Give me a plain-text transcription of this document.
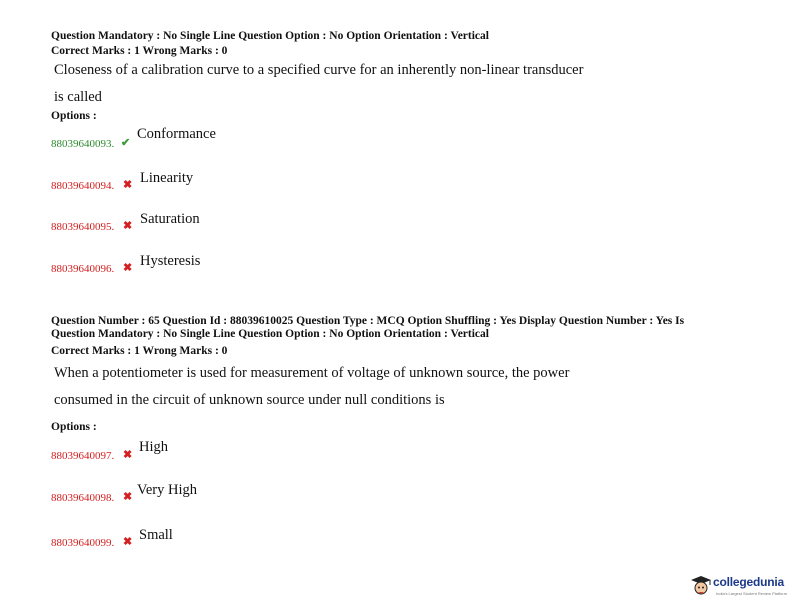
Question Mandatory : No Single Line Question Option : No Option Orientation : Vertical
Correct Marks : 1 Wrong Marks : 0
Closeness of a calibration curve to a specified curve for an inherently non-linear transducer
is called
Options :
88039640093. ✔
Conformance
88039640094. ✖ Linearity
88039640095. ✖ Saturation
88039640096. ✖ Hysteresis
Question Number : 65 Question Id : 88039610025 Question Type : MCQ Option Shuffling : Yes Display Question Number : Yes Is
Question Mandatory : No Single Line Question Option : No Option Orientation : Vertical
Correct Marks : 1 Wrong Marks : 0
When a potentiometer is used for measurement of voltage of unknown source, the power
consumed in the circuit of unknown source under null conditions is
Options :
88039640097. ✖ High
88039640098. ✖ Very High
88039640099. ✖ Small
collegedunia
India's Largest Student Review Platform
